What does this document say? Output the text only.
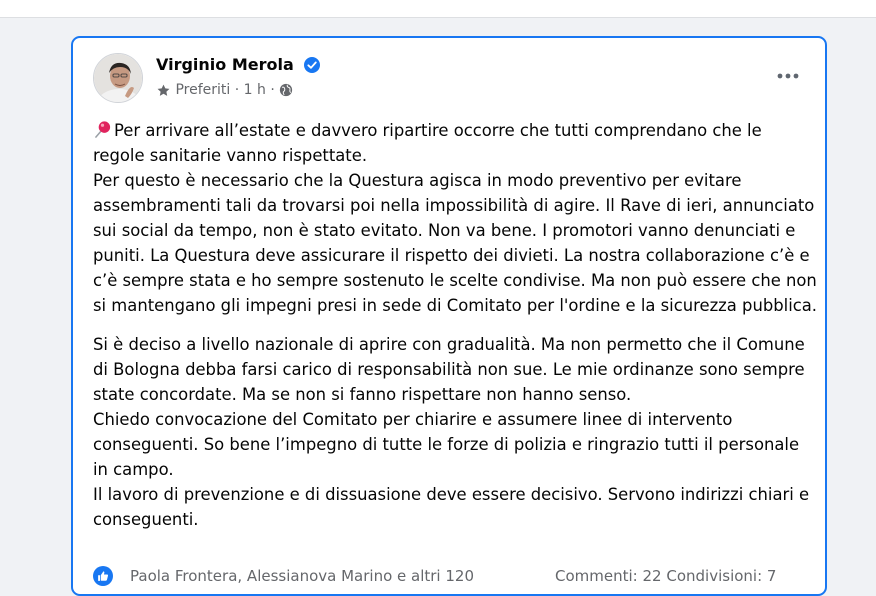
Virginio Merola
Preferiti · 1 h ·

Per arrivare all’estate e davvero ripartire occorre che tutti comprendano che le regole sanitarie vanno rispettate.
Per questo è necessario che la Questura agisca in modo preventivo per evitare assembramenti tali da trovarsi poi nella impossibilità di agire. Il Rave di ieri, annunciato sui social da tempo, non è stato evitato. Non va bene. I promotori vanno denunciati e puniti. La Questura deve assicurare il rispetto dei divieti. La nostra collaborazione c’è e c’è sempre stata e ho sempre sostenuto le scelte condivise. Ma non può essere che non si mantengano gli impegni presi in sede di Comitato per l'ordine e la sicurezza pubblica.

Si è deciso a livello nazionale di aprire con gradualità. Ma non permetto che il Comune di Bologna debba farsi carico di responsabilità non sue. Le mie ordinanze sono sempre state concordate. Ma se non si fanno rispettare non hanno senso.
Chiedo convocazione del Comitato per chiarire e assumere linee di intervento conseguenti. So bene l’impegno di tutte le forze di polizia e ringrazio tutti il personale in campo.
Il lavoro di prevenzione e di dissuasione deve essere decisivo. Servono indirizzi chiari e conseguenti.

Paola Frontera, Alessianova Marino e altri 120	Commenti: 22 Condivisioni: 7
